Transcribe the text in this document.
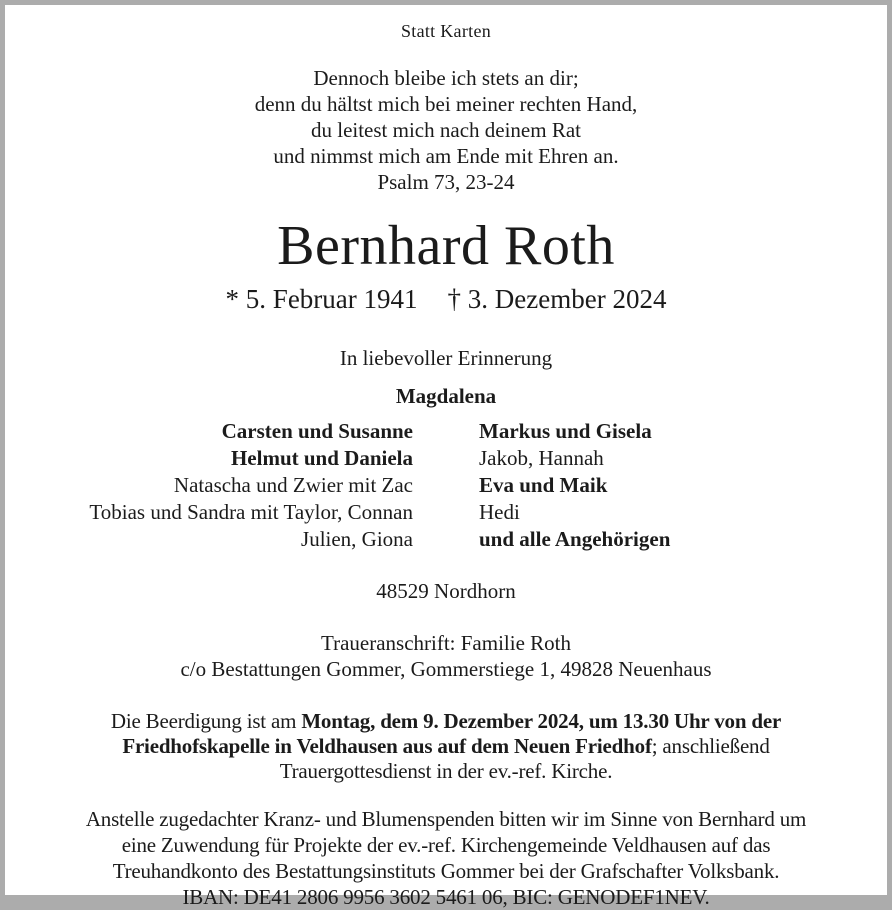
Statt Karten
Dennoch bleibe ich stets an dir;
denn du hältst mich bei meiner rechten Hand,
du leitest mich nach deinem Rat
und nimmst mich am Ende mit Ehren an.
Psalm 73, 23-24
Bernhard Roth
* 5. Februar 1941 † 3. Dezember 2024
In liebevoller Erinnerung
Magdalena
Carsten und Susanne
Helmut und Daniela
Natascha und Zwier mit Zac
Tobias und Sandra mit Taylor, Connan
Julien, Giona
Markus und Gisela
Jakob, Hannah
Eva und Maik
Hedi
und alle Angehörigen
48529 Nordhorn
Traueranschrift: Familie Roth
c/o Bestattungen Gommer, Gommerstiege 1, 49828 Neuenhaus
Die Beerdigung ist am Montag, dem 9. Dezember 2024, um 13.30 Uhr von der
Friedhofskapelle in Veldhausen aus auf dem Neuen Friedhof; anschließend
Trauergottesdienst in der ev.-ref. Kirche.
Anstelle zugedachter Kranz- und Blumenspenden bitten wir im Sinne von Bernhard um
eine Zuwendung für Projekte der ev.-ref. Kirchengemeinde Veldhausen auf das
Treuhandkonto des Bestattungsinstituts Gommer bei der Grafschafter Volksbank.
IBAN: DE41 2806 9956 3602 5461 06, BIC: GENODEF1NEV.
